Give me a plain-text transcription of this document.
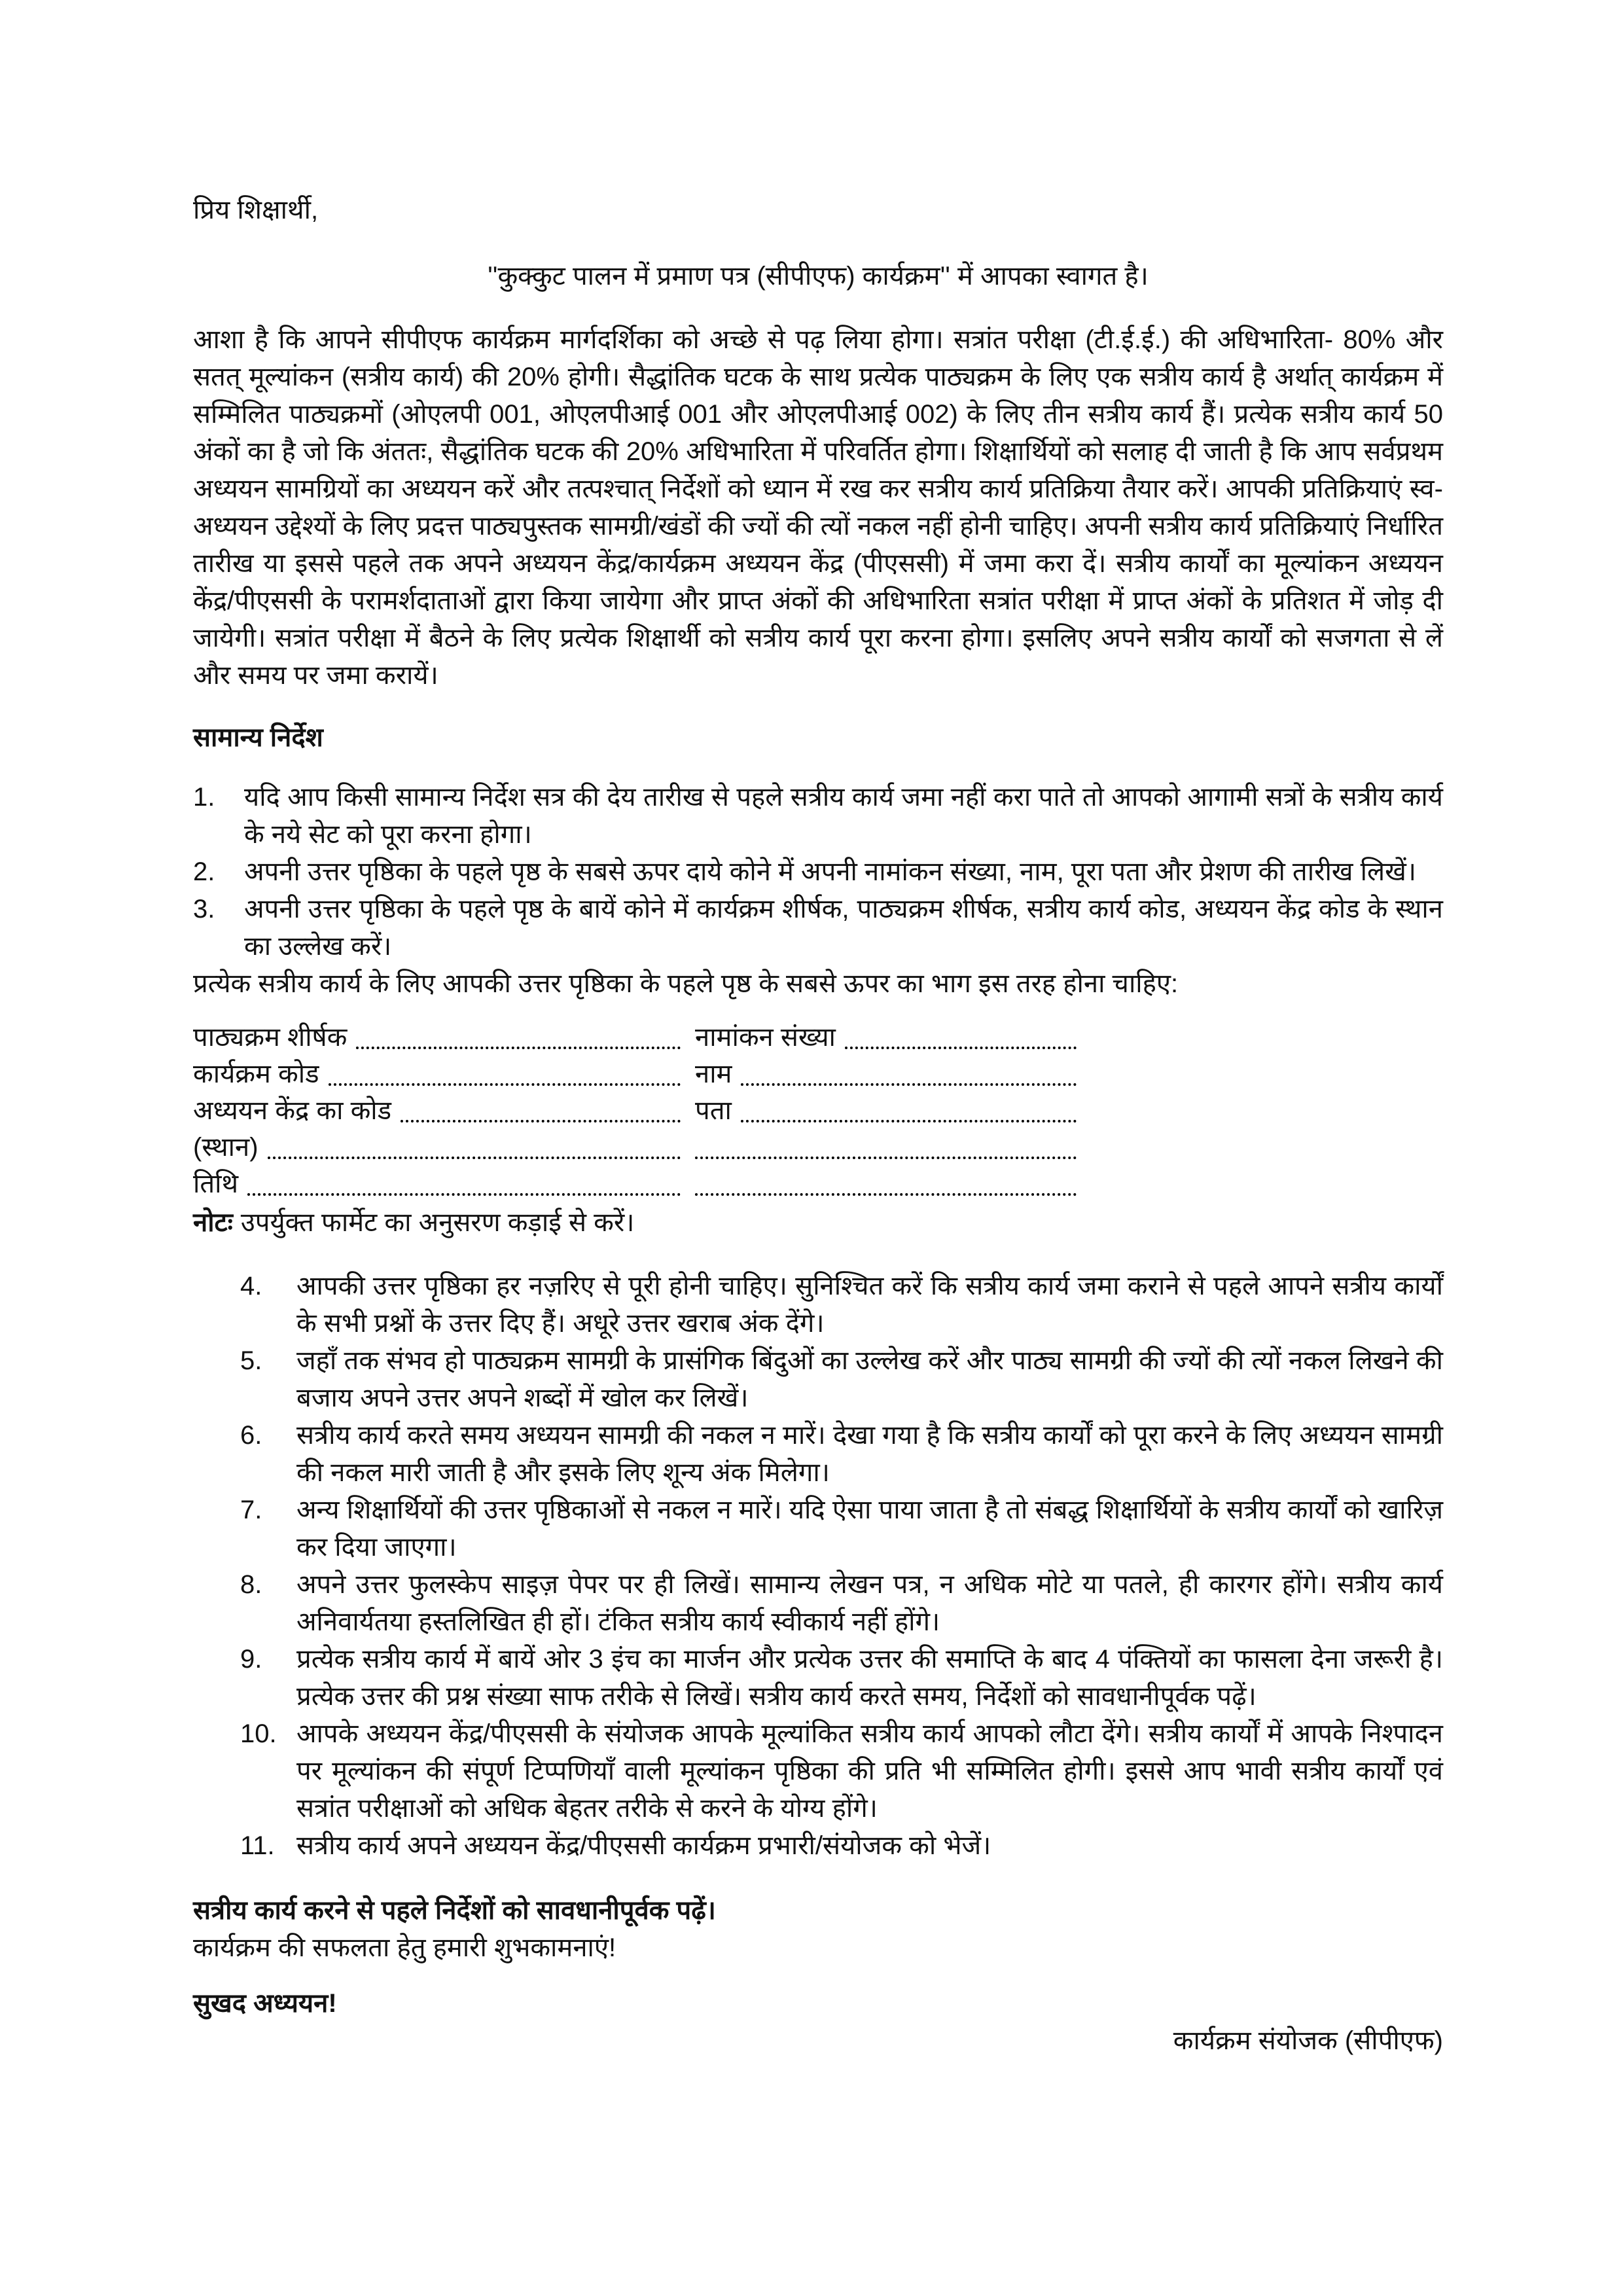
प्रिय शिक्षार्थी,
''कुक्कुट पालन में प्रमाण पत्र (सीपीएफ) कार्यक्रम'' में आपका स्वागत है।
आशा है कि आपने सीपीएफ कार्यक्रम मार्गदर्शिका को अच्छे से पढ़ लिया होगा। सत्रांत परीक्षा (टी.ई.ई.) की अधिभारिता- 80% और सतत् मूल्यांकन (सत्रीय कार्य) की 20% होगी। सैद्धांतिक घटक के साथ प्रत्येक पाठ्यक्रम के लिए एक सत्रीय कार्य है अर्थात् कार्यक्रम में सम्मिलित पाठ्यक्रमों (ओएलपी 001, ओएलपीआई 001 और ओएलपीआई 002) के लिए तीन सत्रीय कार्य हैं। प्रत्येक सत्रीय कार्य 50 अंकों का है जो कि अंततः, सैद्धांतिक घटक की 20% अधिभारिता में परिवर्तित होगा। शिक्षार्थियों को सलाह दी जाती है कि आप सर्वप्रथम अध्ययन सामग्रियों का अध्ययन करें और तत्पश्चात् निर्देशों को ध्यान में रख कर सत्रीय कार्य प्रतिक्रिया तैयार करें। आपकी प्रतिक्रियाएं स्व-अध्ययन उद्देश्यों के लिए प्रदत्त पाठ्यपुस्तक सामग्री/खंडों की ज्यों की त्यों नकल नहीं होनी चाहिए। अपनी सत्रीय कार्य प्रतिक्रियाएं निर्धारित तारीख या इससे पहले तक अपने अध्ययन केंद्र/कार्यक्रम अध्ययन केंद्र (पीएससी) में जमा करा दें। सत्रीय कार्यों का मूल्यांकन अध्ययन केंद्र/पीएससी के परामर्शदाताओं द्वारा किया जायेगा और प्राप्त अंकों की अधिभारिता सत्रांत परीक्षा में प्राप्त अंकों के प्रतिशत में जोड़ दी जायेगी। सत्रांत परीक्षा में बैठने के लिए प्रत्येक शिक्षार्थी को सत्रीय कार्य पूरा करना होगा। इसलिए अपने सत्रीय कार्यों को सजगता से लें और समय पर जमा करायें।
सामान्य निर्देश
1.	यदि आप किसी सामान्य निर्देश सत्र की देय तारीख से पहले सत्रीय कार्य जमा नहीं करा पाते तो आपको आगामी सत्रों के सत्रीय कार्य के नये सेट को पूरा करना होगा।
2.	अपनी उत्तर पृष्ठिका के पहले पृष्ठ के सबसे ऊपर दाये कोने में अपनी नामांकन संख्या, नाम, पूरा पता और प्रेशण की तारीख लिखें।
3.	अपनी उत्तर पृष्ठिका के पहले पृष्ठ के बायें कोने में कार्यक्रम शीर्षक, पाठ्यक्रम शीर्षक, सत्रीय कार्य कोड, अध्ययन केंद्र कोड के स्थान का उल्लेख करें।
प्रत्येक सत्रीय कार्य के लिए आपकी उत्तर पृष्ठिका के पहले पृष्ठ के सबसे ऊपर का भाग इस तरह होना चाहिए:
पाठ्यक्रम शीर्षक	नामांकन संख्या
कार्यक्रम कोड	नाम
अध्ययन केंद्र का कोड	पता
(स्थान)
तिथि
नोटः उपर्युक्त फार्मेट का अनुसरण कड़ाई से करें।
4.	आपकी उत्तर पृष्ठिका हर नज़रिए से पूरी होनी चाहिए। सुनिश्चित करें कि सत्रीय कार्य जमा कराने से पहले आपने सत्रीय कार्यों के सभी प्रश्नों के उत्तर दिए हैं। अधूरे उत्तर खराब अंक देंगे।
5.	जहाँ तक संभव हो पाठ्यक्रम सामग्री के प्रासंगिक बिंदुओं का उल्लेख करें और पाठ्य सामग्री की ज्यों की त्यों नकल लिखने की बजाय अपने उत्तर अपने शब्दों में खोल कर लिखें।
6.	सत्रीय कार्य करते समय अध्ययन सामग्री की नकल न मारें। देखा गया है कि सत्रीय कार्यों को पूरा करने के लिए अध्ययन सामग्री की नकल मारी जाती है और इसके लिए शून्य अंक मिलेगा।
7.	अन्य शिक्षार्थियों की उत्तर पृष्ठिकाओं से नकल न मारें। यदि ऐसा पाया जाता है तो संबद्ध शिक्षार्थियों के सत्रीय कार्यों को खारिज़ कर दिया जाएगा।
8.	अपने उत्तर फुलस्केप साइज़ पेपर पर ही लिखें। सामान्य लेखन पत्र, न अधिक मोटे या पतले, ही कारगर होंगे। सत्रीय कार्य अनिवार्यतया हस्तलिखित ही हों। टंकित सत्रीय कार्य स्वीकार्य नहीं होंगे।
9.	प्रत्येक सत्रीय कार्य में बायें ओर 3 इंच का मार्जन और प्रत्येक उत्तर की समाप्ति के बाद 4 पंक्तियों का फासला देना जरूरी है। प्रत्येक उत्तर की प्रश्न संख्या साफ तरीके से लिखें। सत्रीय कार्य करते समय, निर्देशों को सावधानीपूर्वक पढ़ें।
10. आपके अध्ययन केंद्र/पीएससी के संयोजक आपके मूल्यांकित सत्रीय कार्य आपको लौटा देंगे। सत्रीय कार्यों में आपके निश्पादन पर मूल्यांकन की संपूर्ण टिप्पणियाँ वाली मूल्यांकन पृष्ठिका की प्रति भी सम्मिलित होगी। इससे आप भावी सत्रीय कार्यों एवं सत्रांत परीक्षाओं को अधिक बेहतर तरीके से करने के योग्य होंगे।
11. सत्रीय कार्य अपने अध्ययन केंद्र/पीएससी कार्यक्रम प्रभारी/संयोजक को भेजें।
सत्रीय कार्य करने से पहले निर्देशों को सावधानीपूर्वक पढ़ें।
कार्यक्रम की सफलता हेतु हमारी शुभकामनाएं!
सुखद अध्ययन!
कार्यक्रम संयोजक (सीपीएफ)
